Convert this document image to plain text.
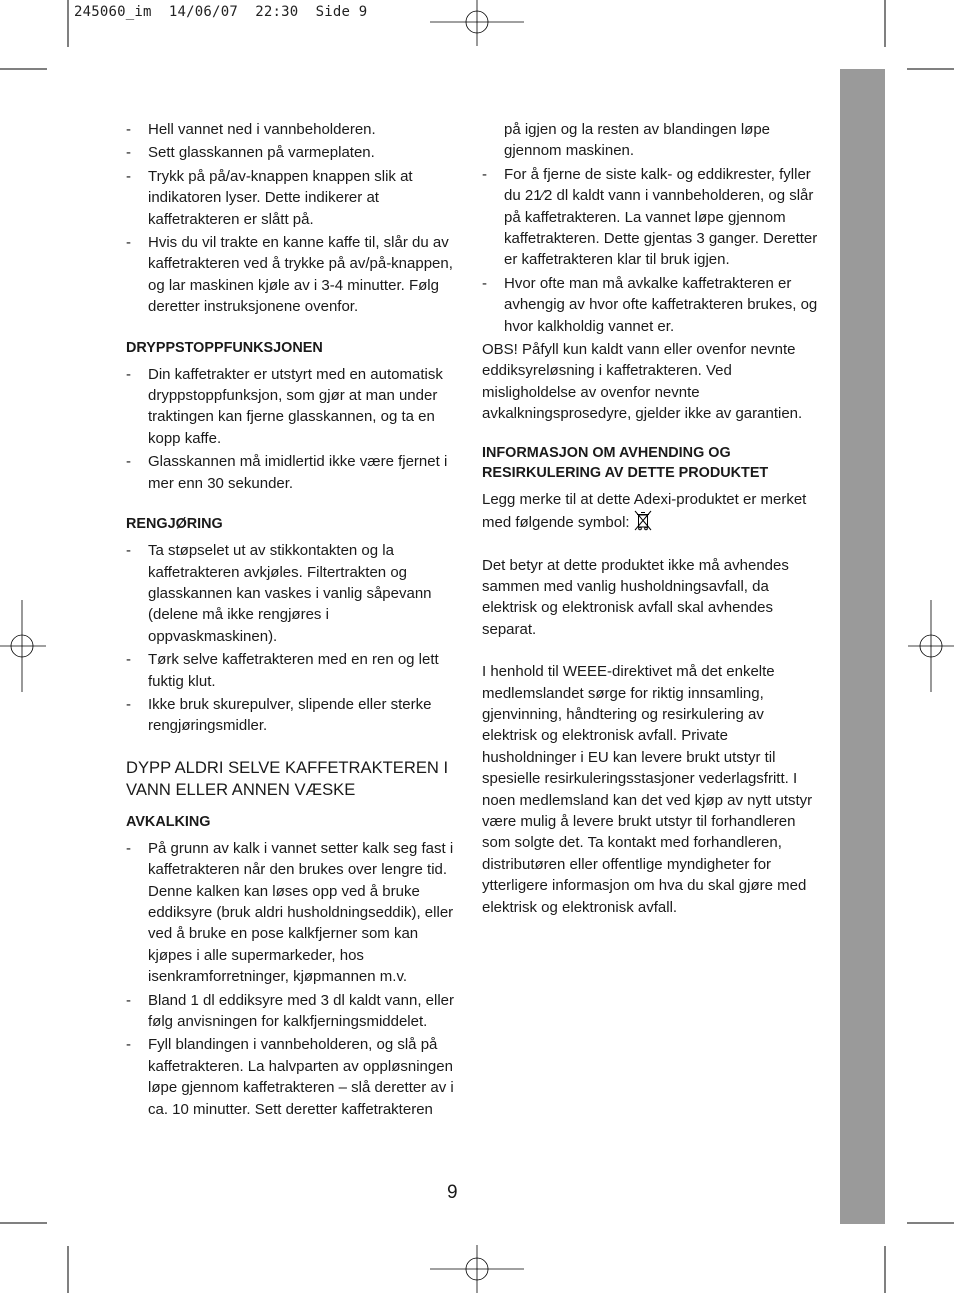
245060_im  14/06/07  22:30  Side 9
- Hell vannet ned i vannbeholderen.
- Sett glasskannen på varmeplaten.
- Trykk på på/av-knappen knappen slik at indikatoren lyser. Dette indikerer at kaffetrakteren er slått på.
- Hvis du vil trakte en kanne kaffe til, slår du av kaffetrakteren ved å trykke på av/på-knappen, og lar maskinen kjøle av i 3-4 minutter. Følg deretter instruksjonene ovenfor.
DRYPPSTOPPFUNKSJONEN
- Din kaffetrakter er utstyrt med en automatisk dryppstoppfunksjon, som gjør at man under traktingen kan fjerne glasskannen, og ta en kopp kaffe.
- Glasskannen må imidlertid ikke være fjernet i mer enn 30 sekunder.
RENGJØRING
- Ta støpselet ut av stikkontakten og la kaffetrakteren avkjøles. Filtertrakten og glasskannen kan vaskes i vanlig såpevann (delene må ikke rengjøres i oppvaskmaskinen).
- Tørk selve kaffetrakteren med en ren og lett fuktig klut.
- Ikke bruk skurepulver, slipende eller sterke rengjøringsmidler.
DYPP ALDRI SELVE KAFFETRAKTEREN I VANN ELLER ANNEN VÆSKE
AVKALKING
- På grunn av kalk i vannet setter kalk seg fast i kaffetrakteren når den brukes over lengre tid. Denne kalken kan løses opp ved å bruke eddiksyre (bruk aldri husholdningseddik), eller ved å bruke en pose kalkfjerner som kan kjøpes i alle supermarkeder, hos isenkramforretninger, kjøpmannen m.v.
- Bland 1 dl eddiksyre med 3 dl kaldt vann, eller følg anvisningen for kalkfjerningsmiddelet.
- Fyll blandingen i vannbeholderen, og slå på kaffetrakteren. La halvparten av oppløsningen løpe gjennom kaffetrakteren – slå deretter av i ca. 10 minutter. Sett deretter kaffetrakteren
på igjen og la resten av blandingen løpe gjennom maskinen.
- For å fjerne de siste kalk- og eddikrester, fyller du 21⁄2 dl kaldt vann i vannbeholderen, og slår på kaffetrakteren. La vannet løpe gjennom kaffetrakteren. Dette gjentas 3 ganger. Deretter er kaffetrakteren klar til bruk igjen.
- Hvor ofte man må avkalke kaffetrakteren er avhengig av hvor ofte kaffetrakteren brukes, og hvor kalkholdig vannet er.

OBS! Påfyll kun kaldt vann eller ovenfor nevnte eddiksyreløsning i kaffetrakteren. Ved misligholdelse av ovenfor nevnte avkalkningsprosedyre, gjelder ikke av garantien.

INFORMASJON OM AVHENDING OG RESIRKULERING AV DETTE PRODUKTET

Legg merke til at dette Adexi-produktet er merket med følgende symbol:

Det betyr at dette produktet ikke må avhendes sammen med vanlig husholdningsavfall, da elektrisk og elektronisk avfall skal avhendes separat.

I henhold til WEEE-direktivet må det enkelte medlemslandet sørge for riktig innsamling, gjenvinning, håndtering og resirkulering av elektrisk og elektronisk avfall. Private husholdninger i EU kan levere brukt utstyr til spesielle resirkuleringsstasjoner vederlagsfritt. I noen medlemsland kan det ved kjøp av nytt utstyr være mulig å levere brukt utstyr til forhandleren som solgte det. Ta kontakt med forhandleren, distributøren eller offentlige myndigheter for ytterligere informasjon om hva du skal gjøre med elektrisk og elektronisk avfall.

9
